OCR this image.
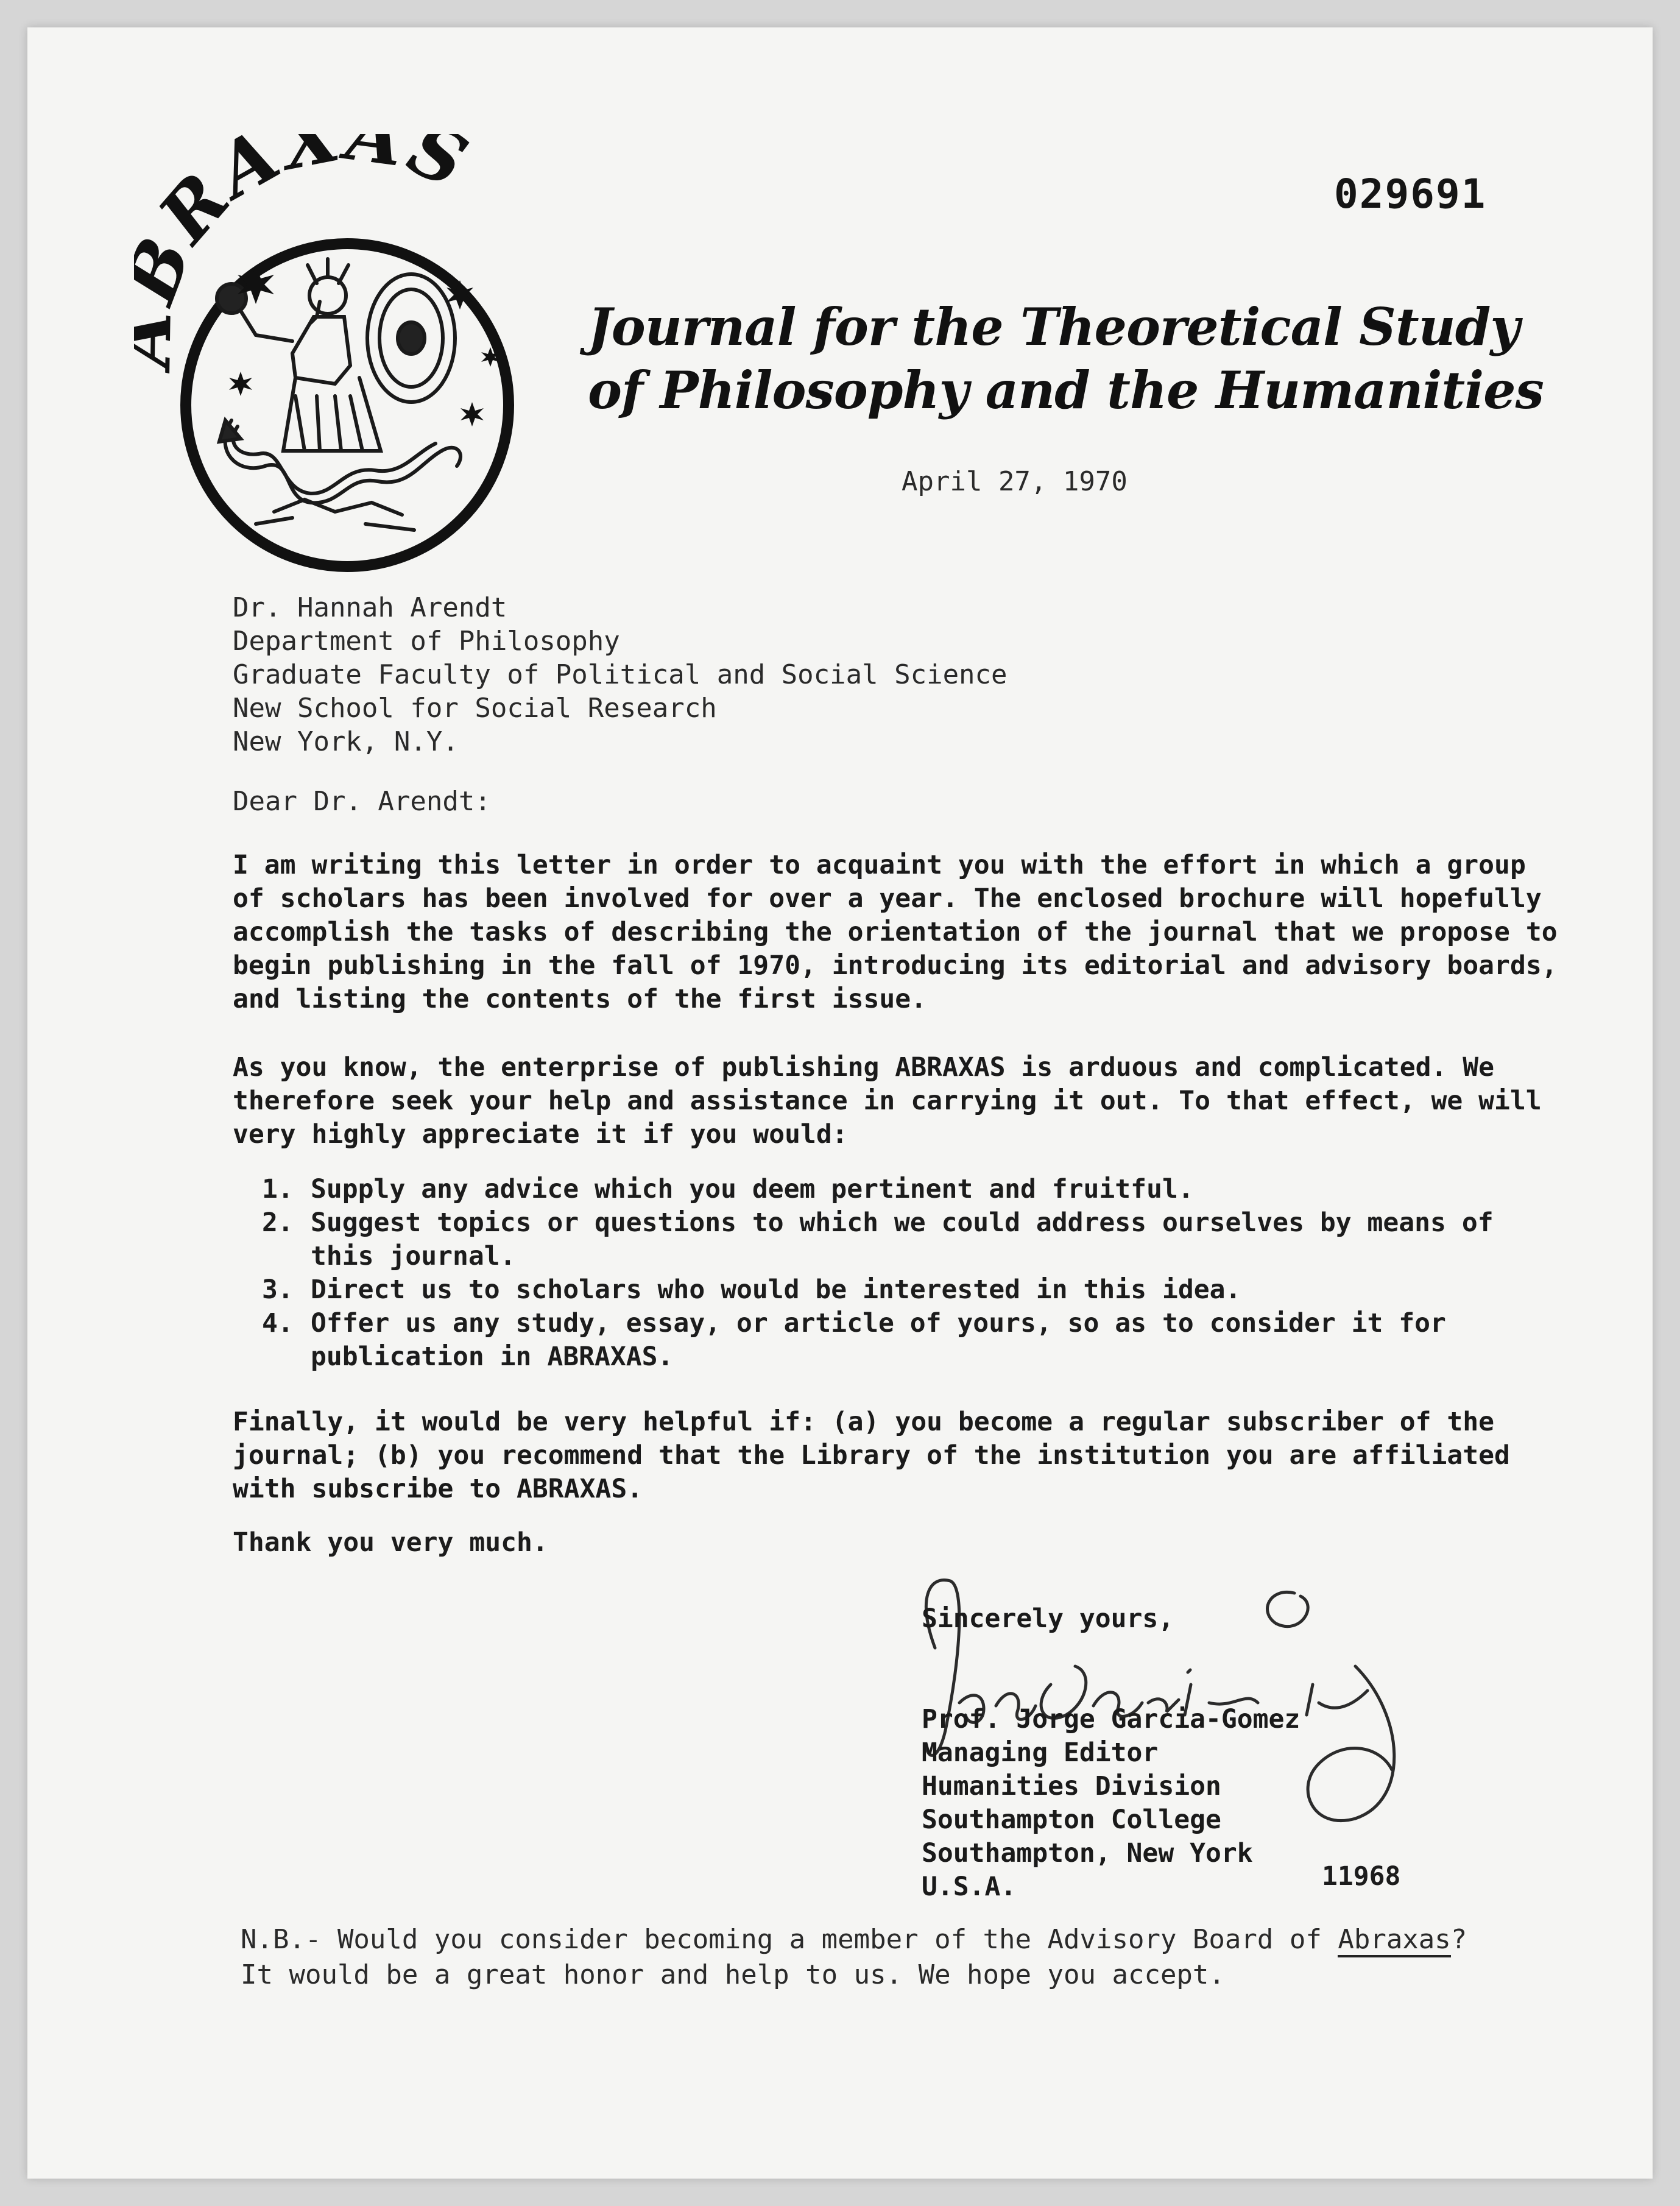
RAXAS	029691
Journal for the Theoretical Study
of Philosophy and the Humanities
April 27, 1970
Dr. Hannah Arendt
Department of Philosophy
Graduate Faculty of Political and Social Science
New School for Social Research
New York, N.Y.
Dear Dr. Arendt:
I am writing this letter in order to acquaint you with the effort in which a group
of scholars has been involved for over a year. The enclosed brochure will hopefully
accomplish the tasks of describing the orientation of the journal that we propose to
begin publishing in the fall of 1970, introducing its editorial and advisory boards,
and listing the contents of the first issue.
As you know, the enterprise of publishing ABRAXAS is arduous and complicated. We
therefore seek your help and assistance in carrying it out. To that effect, we will
very highly appreciate it if you would:
1. Supply any advice which you deem pertinent and fruitful.
2. Suggest topics or questions to which we could address ourselves by means of
this journal.
3. Direct us to scholars who would be interested in this idea.
4. Offer us any study, essay, or article of yours, so as to consider it for
publication in ABRAXAS.
Finally, it would be very helpful if: (a) you become a regular subscriber of the
journal; (b) you recommend that the Library of the institution you are affiliated
with subscribe to ABRAXAS.
Thank you very much.
Sincerely yours,
Prof. Jorge Garcia-Gomez
Managing Editor
Humanities Division
Southampton College
Southampton, New York
U.S.A.	11968
N.B.- Would you consider becoming a member of the Advisory Board of Abraxas?
It would be a great honor and help to us. We hope you accept.
